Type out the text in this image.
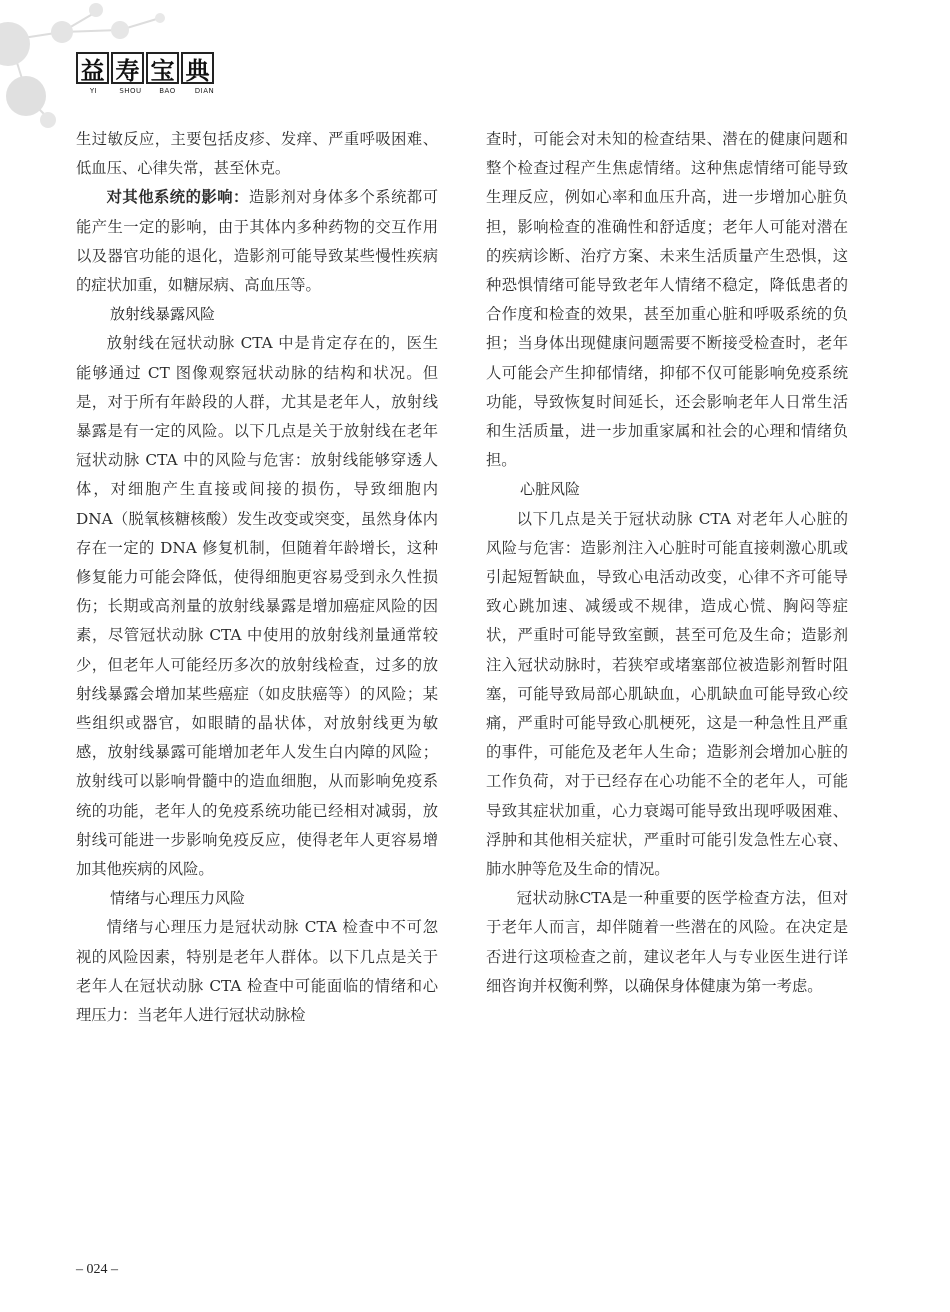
益 寿 宝 典
YI	SHOU	BAO	DIAN

生过敏反应，主要包括皮疹、发痒、严重呼吸困难、低血压、心律失常，甚至休克。

对其他系统的影响：造影剂对身体多个系统都可能产生一定的影响，由于其体内多种药物的交互作用以及器官功能的退化，造影剂可能导致某些慢性疾病的症状加重，如糖尿病、高血压等。

放射线暴露风险

放射线在冠状动脉 CTA 中是肯定存在的，医生能够通过 CT 图像观察冠状动脉的结构和状况。但是，对于所有年龄段的人群，尤其是老年人，放射线暴露是有一定的风险。以下几点是关于放射线在老年冠状动脉 CTA 中的风险与危害：放射线能够穿透人体，对细胞产生直接或间接的损伤，导致细胞内 DNA（脱氧核糖核酸）发生改变或突变，虽然身体内存在一定的 DNA 修复机制，但随着年龄增长，这种修复能力可能会降低，使得细胞更容易受到永久性损伤；长期或高剂量的放射线暴露是增加癌症风险的因素，尽管冠状动脉 CTA 中使用的放射线剂量通常较少，但老年人可能经历多次的放射线检查，过多的放射线暴露会增加某些癌症（如皮肤癌等）的风险；某些组织或器官，如眼睛的晶状体，对放射线更为敏感，放射线暴露可能增加老年人发生白内障的风险；放射线可以影响骨髓中的造血细胞，从而影响免疫系统的功能，老年人的免疫系统功能已经相对减弱，放射线可能进一步影响免疫反应，使得老年人更容易增加其他疾病的风险。

情绪与心理压力风险

情绪与心理压力是冠状动脉 CTA 检查中不可忽视的风险因素，特别是老年人群体。以下几点是关于老年人在冠状动脉 CTA 检查中可能面临的情绪和心理压力：当老年人进行冠状动脉检

查时，可能会对未知的检查结果、潜在的健康问题和整个检查过程产生焦虑情绪。这种焦虑情绪可能导致生理反应，例如心率和血压升高，进一步增加心脏负担，影响检查的准确性和舒适度；老年人可能对潜在的疾病诊断、治疗方案、未来生活质量产生恐惧，这种恐惧情绪可能导致老年人情绪不稳定，降低患者的合作度和检查的效果，甚至加重心脏和呼吸系统的负担；当身体出现健康问题需要不断接受检查时，老年人可能会产生抑郁情绪，抑郁不仅可能影响免疫系统功能，导致恢复时间延长，还会影响老年人日常生活和生活质量，进一步加重家属和社会的心理和情绪负担。

心脏风险

以下几点是关于冠状动脉 CTA 对老年人心脏的风险与危害：造影剂注入心脏时可能直接刺激心肌或引起短暂缺血，导致心电活动改变，心律不齐可能导致心跳加速、减缓或不规律，造成心慌、胸闷等症状，严重时可能导致室颤，甚至可危及生命；造影剂注入冠状动脉时，若狭窄或堵塞部位被造影剂暂时阻塞，可能导致局部心肌缺血，心肌缺血可能导致心绞痛，严重时可能导致心肌梗死，这是一种急性且严重的事件，可能危及老年人生命；造影剂会增加心脏的工作负荷，对于已经存在心功能不全的老年人，可能导致其症状加重，心力衰竭可能导致出现呼吸困难、浮肿和其他相关症状，严重时可能引发急性左心衰、肺水肿等危及生命的情况。

冠状动脉CTA是一种重要的医学检查方法，但对于老年人而言，却伴随着一些潜在的风险。在决定是否进行这项检查之前，建议老年人与专业医生进行详细咨询并权衡利弊，以确保身体健康为第一考虑。

– 024 –
